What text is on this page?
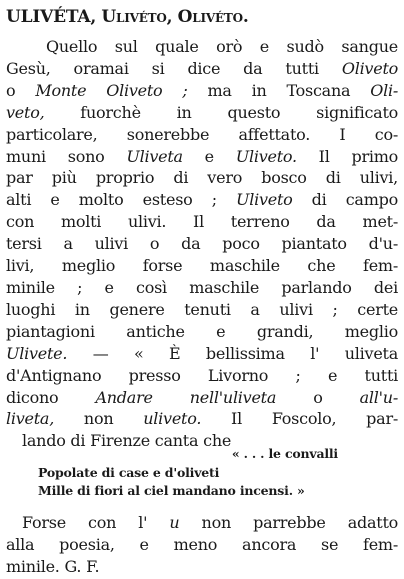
ULIVÉTA, Ulivéto, Olivéto.
Quello sul quale orò e sudò sangue
Gesù, oramai si dice da tutti Oliveto
o Monte Oliveto ; ma in Toscana Oli-
veto, fuorchè in questo significato
particolare, sonerebbe affettato. I co-
muni sono Uliveta e Uliveto. Il primo
par più proprio di vero bosco di ulivi,
alti e molto esteso ; Uliveto di campo
con molti ulivi. Il terreno da met-
tersi a ulivi o da poco piantato d'u-
livi, meglio forse maschile che fem-
minile ; e così maschile parlando dei
luoghi in genere tenuti a ulivi ; certe
piantagioni antiche e grandi, meglio
Ulivete. — « È bellissima l' uliveta
d'Antignano presso Livorno ; e tutti
dicono Andare nell'uliveta o all'u-
liveta, non uliveto. Il Foscolo, par-
lando di Firenze canta che
« . . . le convalli
Popolate di case e d'oliveti
Mille di fiori al ciel mandano incensi. »
Forse con l' u non parrebbe adatto
alla poesia, e meno ancora se fem-
minile. G. F.
